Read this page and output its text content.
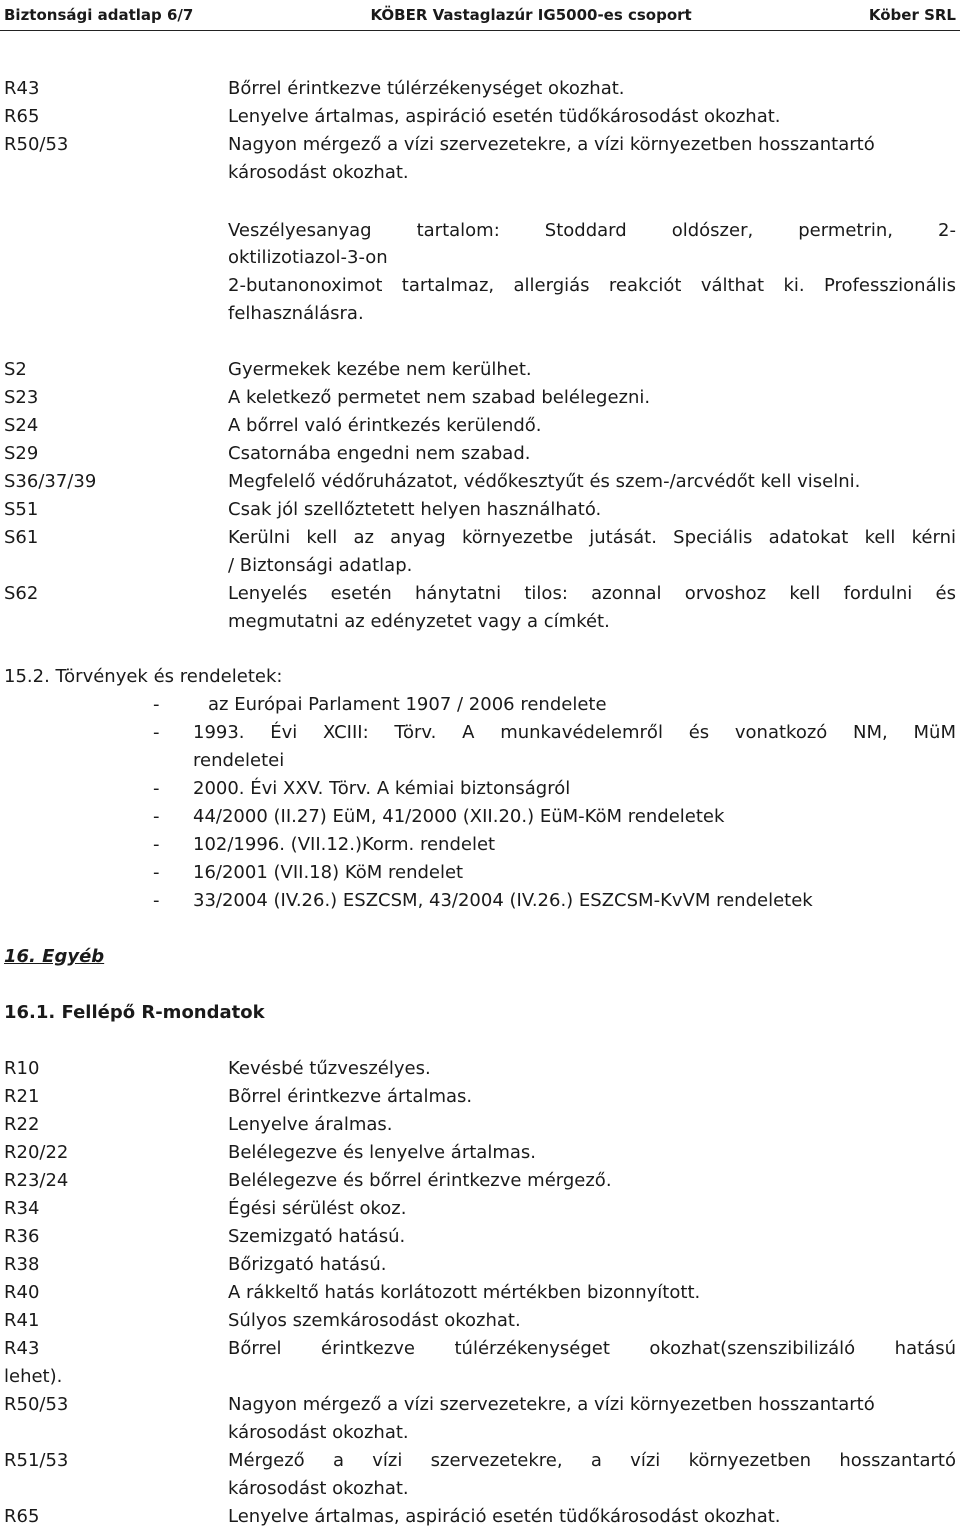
Biztonsági adatlap 6/7	KÖBER Vastaglazúr IG5000-es csoport	Köber SRL
R43
R65
R50/53
Bőrrel érintkezve túlérzékenységet okozhat.
Lenyelve ártalmas, aspiráció esetén tüdőkárosodást okozhat.
Nagyon mérgező a vízi szervezetekre, a vízi környezetben hosszantartó
károsodást okozhat.
Veszélyesanyag tartalom: Stoddard oldószer, permetrin, 2-
oktilizotiazol-3-on
2-butanonoximot tartalmaz, allergiás reakciót válthat ki. Professzionális
felhasználásra.
S2
S23
S24
S29
S36/37/39
S51
S61
S62
Gyermekek kezébe nem kerülhet.
A keletkező permetet nem szabad belélegezni.
A bőrrel való érintkezés kerülendő.
Csatornába engedni nem szabad.
Megfelelő védőruházatot, védőkesztyűt és szem-/arcvédőt kell viselni.
Csak jól szellőztetett helyen használható.
Kerülni kell az anyag környezetbe jutását. Speciális adatokat kell kérni
/ Biztonsági adatlap.
Lenyelés esetén hánytatni tilos: azonnal orvoshoz kell fordulni és
megmutatni az edényzetet vagy a címkét.
15.2. Törvények és rendeletek:
-
-
-
-
-
-
-
az Európai Parlament 1907 / 2006 rendelete
1993. Évi XCIII: Törv. A munkavédelemről és vonatkozó NM, MüM
rendeletei
2000. Évi XXV. Törv. A kémiai biztonságról
44/2000 (II.27) EüM, 41/2000 (XII.20.) EüM-KöM rendeletek
102/1996. (VII.12.)Korm. rendelet
16/2001 (VII.18) KöM rendelet
33/2004 (IV.26.) ESZCSM, 43/2004 (IV.26.) ESZCSM-KvVM rendeletek
16. Egyéb
16.1. Fellépő R-mondatok
R10
R21
R22
R20/22
R23/24
R34
R36
R38
R40
R41
R43
lehet).
R50/53
R51/53
R65
Kevésbé tűzveszélyes.
Bõrrel érintkezve ártalmas.
Lenyelve áralmas.
Belélegezve és lenyelve ártalmas.
Belélegezve és bőrrel érintkezve mérgező.
Égési sérülést okoz.
Szemizgató hatású.
Bőrizgató hatású.
A rákkeltő hatás korlátozott mértékben bizonnyított.
Súlyos szemkárosodást okozhat.
Bőrrel érintkezve túlérzékenységet okozhat(szenszibilizáló hatású
Nagyon mérgező a vízi szervezetekre, a vízi környezetben hosszantartó
károsodást okozhat.
Mérgező a vízi szervezetekre, a vízi környezetben hosszantartó
károsodást okozhat.
Lenyelve ártalmas, aspiráció esetén tüdőkárosodást okozhat.
